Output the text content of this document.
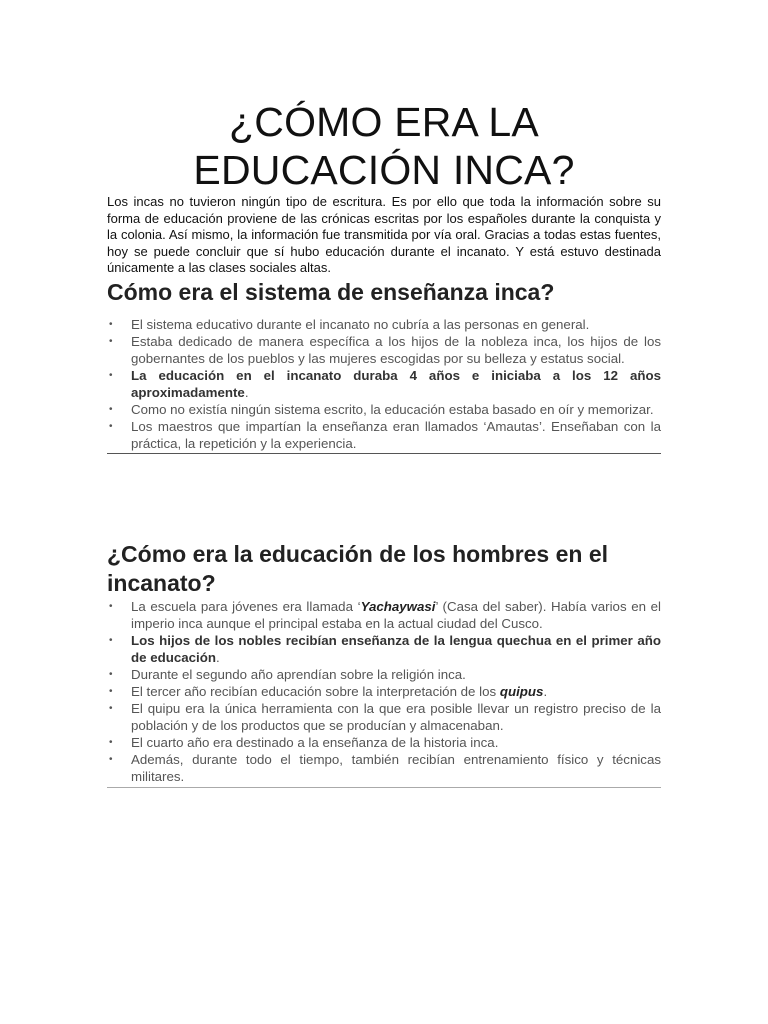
¿CÓMO ERA LA EDUCACIÓN INCA?

Los incas no tuvieron ningún tipo de escritura. Es por ello que toda la información sobre su forma de educación proviene de las crónicas escritas por los españoles durante la conquista y la colonia. Así mismo, la información fue transmitida por vía oral. Gracias a todas estas fuentes, hoy se puede concluir que sí hubo educación durante el incanato. Y está estuvo destinada únicamente a las clases sociales altas.

Cómo era el sistema de enseñanza inca?
• El sistema educativo durante el incanato no cubría a las personas en general.
• Estaba dedicado de manera específica a los hijos de la nobleza inca, los hijos de los gobernantes de los pueblos y las mujeres escogidas por su belleza y estatus social.
• La educación en el incanato duraba 4 años e iniciaba a los 12 años aproximadamente.
• Como no existía ningún sistema escrito, la educación estaba basado en oír y memorizar.
• Los maestros que impartían la enseñanza eran llamados ‘Amautas’. Enseñaban con la práctica, la repetición y la experiencia.
¿Cómo era la educación de los hombres en el incanato?
• La escuela para jóvenes era llamada ‘Yachaywasi’ (Casa del saber). Había varios en el imperio inca aunque el principal estaba en la actual ciudad del Cusco.
• Los hijos de los nobles recibían enseñanza de la lengua quechua en el primer año de educación.
• Durante el segundo año aprendían sobre la religión inca.
• El tercer año recibían educación sobre la interpretación de los quipus.
• El quipu era la única herramienta con la que era posible llevar un registro preciso de la población y de los productos que se producían y almacenaban.
• El cuarto año era destinado a la enseñanza de la historia inca.
• Además, durante todo el tiempo, también recibían entrenamiento físico y técnicas militares.
